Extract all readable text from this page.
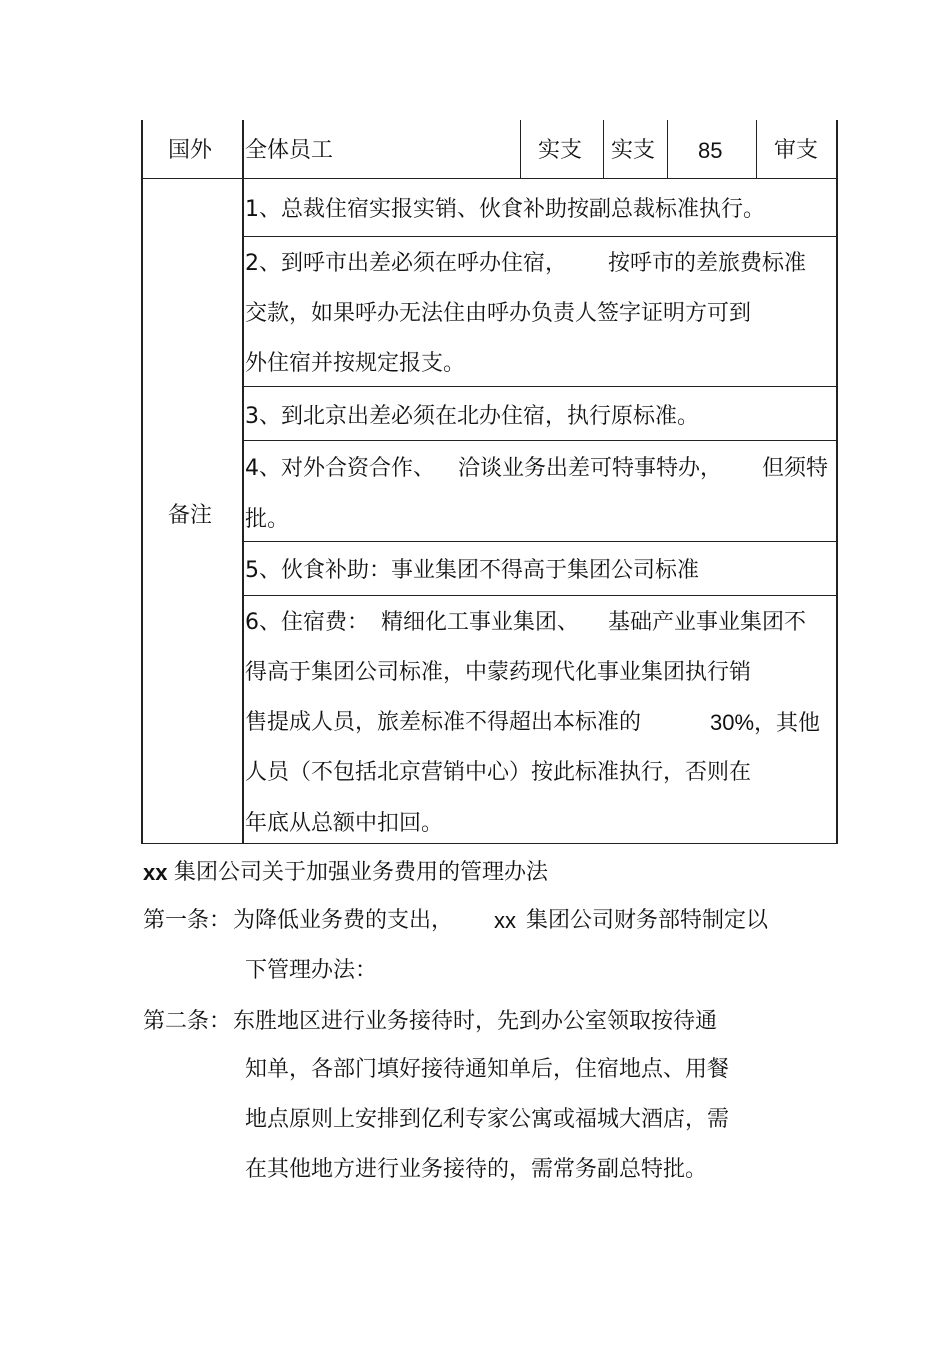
国外 全体员工	实支 实支 85 审支
备注
1、总裁住宿实报实销、伙食补助按副总裁标准执行。
2、到呼市出差必须在呼办住宿， 按呼市的差旅费标准
交款，如果呼办无法住由呼办负责人签字证明方可到
外住宿并按规定报支。
3、到北京出差必须在北办住宿，执行原标准。
4、对外合资合作、 洽谈业务出差可特事特办， 但须特
批。
5、伙食补助：事业集团不得高于集团公司标准
6、住宿费： 精细化工事业集团、 基础产业事业集团不
得高于集团公司标准，中蒙药现代化事业集团执行销
售提成人员，旅差标准不得超出本标准的	30%，其他
人员（不包括北京营销中心）按此标准执行，否则在
年底从总额中扣回。
xx 集团公司关于加强业务费用的管理办法
第一条： 为降低业务费的支出， xx 集团公司财务部特制定以
下管理办法：
第二条： 东胜地区进行业务接待时，先到办公室领取按待通
知单，各部门填好接待通知单后，住宿地点、用餐
地点原则上安排到亿利专家公寓或福城大酒店，需
在其他地方进行业务接待的，需常务副总特批。
